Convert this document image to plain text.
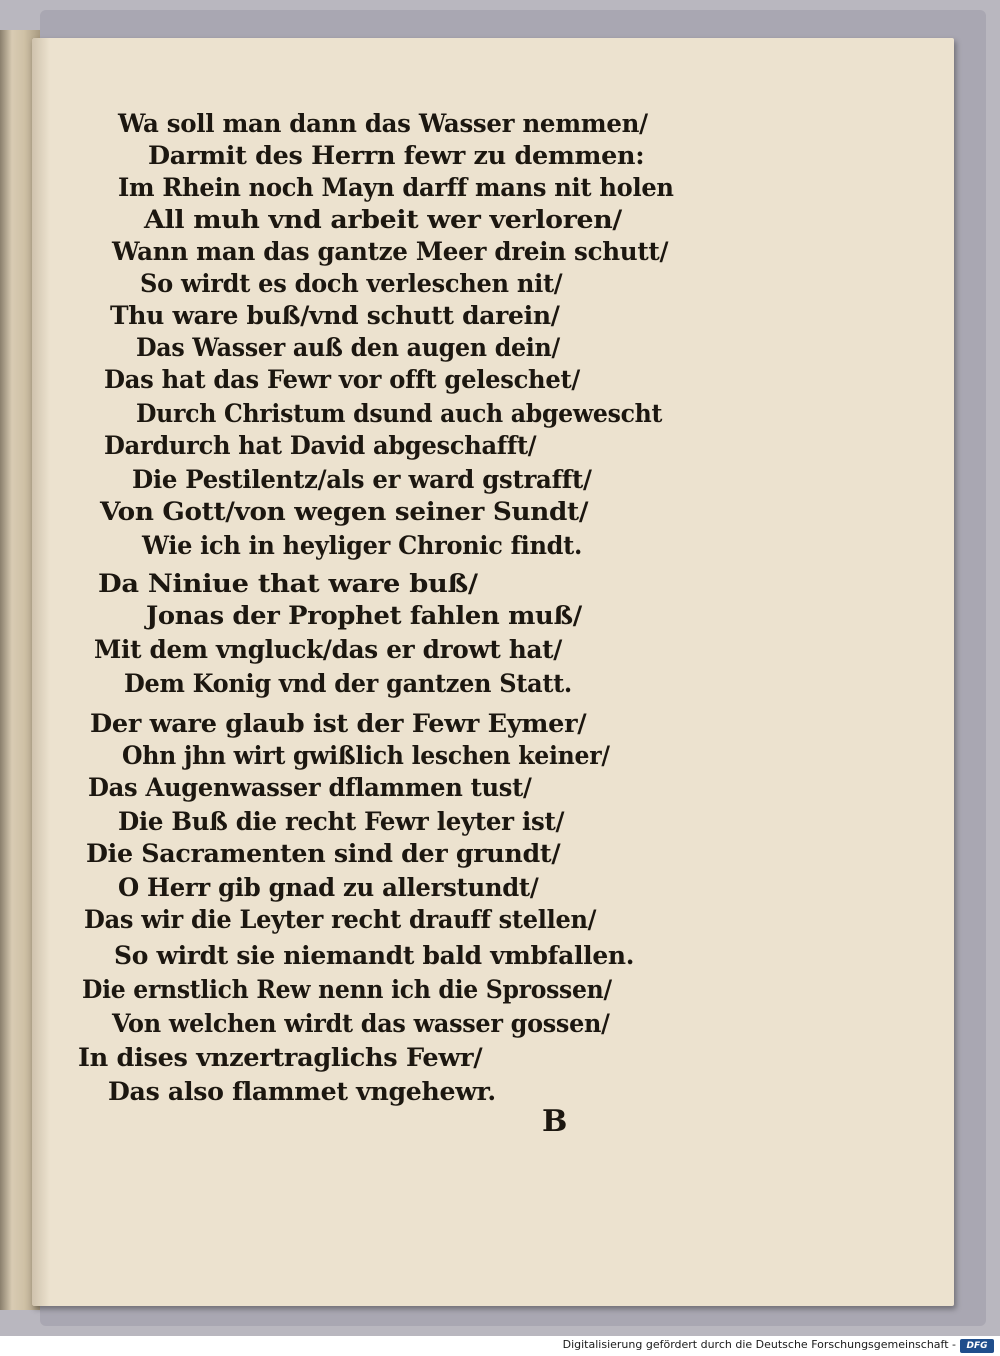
Wa soll man dann das Wasser nemmen/
Darmit des Herrn fewr zu demmen:
Im Rhein noch Mayn darff mans nit holen
All muh vnd arbeit wer verloren/
Wann man das gantze Meer drein schutt/
So wirdt es doch verleschen nit/
Thu ware buß/vnd schutt darein/
Das Wasser auß den augen dein/
Das hat das Fewr vor offt geleschet/
Durch Christum dsund auch abgewescht
Dardurch hat David abgeschafft/
Die Pestilentz/als er ward gstrafft/
Von Gott/von wegen seiner Sundt/
Wie ich in heyliger Chronic findt.
Da Niniue that ware buß/
Jonas der Prophet fahlen muß/
Mit dem vngluck/das er drowt hat/
Dem Konig vnd der gantzen Statt.
Der ware glaub ist der Fewr Eymer/
Ohn jhn wirt gwißlich leschen keiner/
Das Augenwasser dflammen tust/
Die Buß die recht Fewr leyter ist/
Die Sacramenten sind der grundt/
O Herr gib gnad zu allerstundt/
Das wir die Leyter recht drauff stellen/
So wirdt sie niemandt bald vmbfallen.
Die ernstlich Rew nenn ich die Sprossen/
Von welchen wirdt das wasser gossen/
In dises vnzertraglichs Fewr/
Das also flammet vngehewr.
B
Digitalisierung gefördert durch die Deutsche Forschungsgemeinschaft -	DFG
